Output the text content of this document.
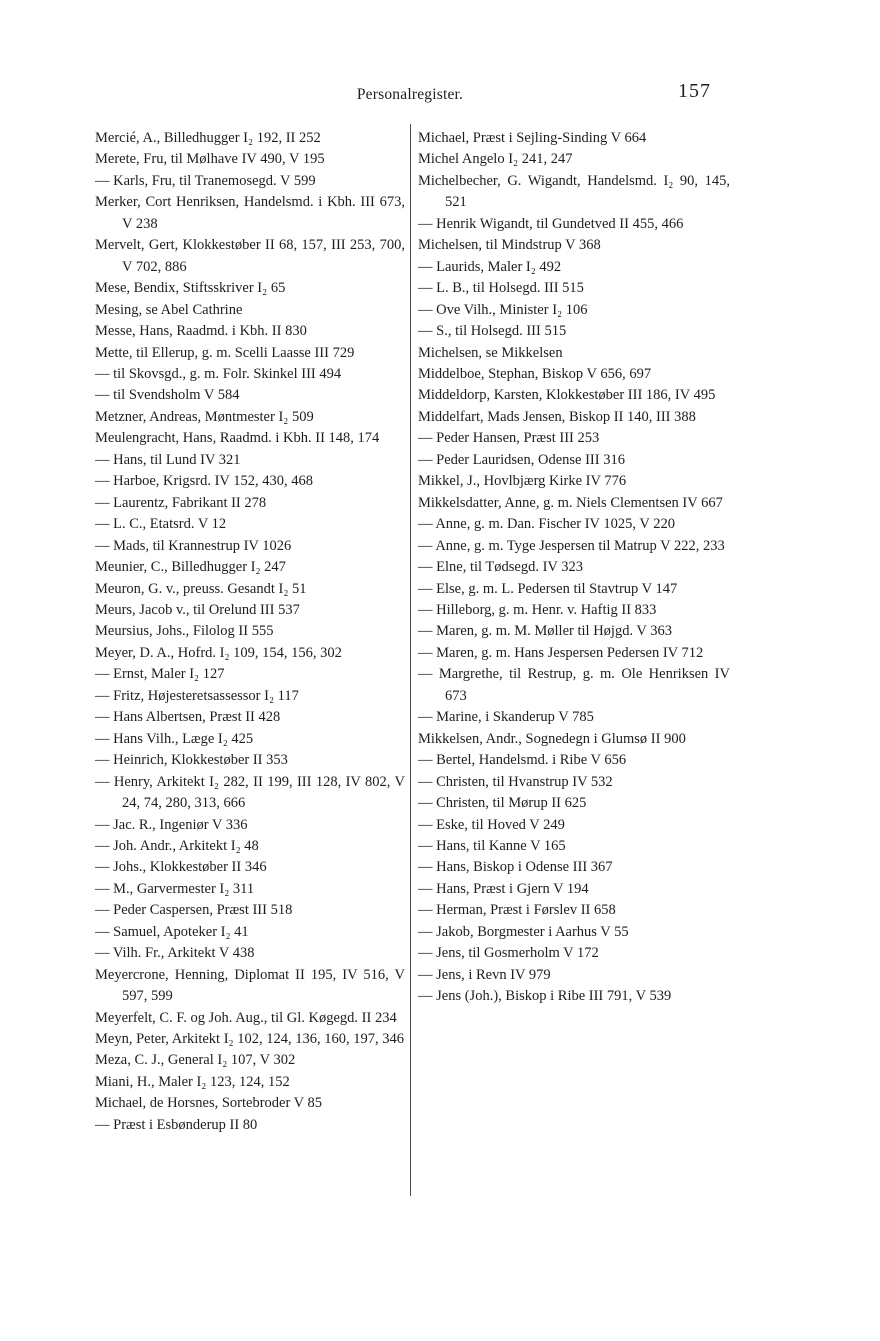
Personalregister.	157

Mercié, A., Billedhugger I₂ 192, II 252

Merete, Fru, til Mølhave IV 490, V 195

— Karls, Fru, til Tranemosegd. V 599

Merker, Cort Henriksen, Handelsmd. i Kbh. III 673, V 238

Mervelt, Gert, Klokkestøber II 68, 157, III 253, 700, V 702, 886

Mese, Bendix, Stiftsskriver I₂ 65

Mesing, se Abel Cathrine

Messe, Hans, Raadmd. i Kbh. II 830

Mette, til Ellerup, g. m. Scelli Laasse III 729

— til Skovsgd., g. m. Folr. Skinkel III 494

— til Svendsholm V 584

Metzner, Andreas, Møntmester I₂ 509

Meulengracht, Hans, Raadmd. i Kbh. II 148, 174

— Hans, til Lund IV 321

— Harboe, Krigsrd. IV 152, 430, 468

— Laurentz, Fabrikant II 278

— L. C., Etatsrd. V 12

— Mads, til Krannestrup IV 1026

Meunier, C., Billedhugger I₂ 247

Meuron, G. v., preuss. Gesandt I₂ 51

Meurs, Jacob v., til Orelund III 537

Meursius, Johs., Filolog II 555

Meyer, D. A., Hofrd. I₂ 109, 154, 156, 302

— Ernst, Maler I₂ 127

— Fritz, Højesteretsassessor I₂ 117

— Hans Albertsen, Præst II 428

— Hans Vilh., Læge I₂ 425

— Heinrich, Klokkestøber II 353

— Henry, Arkitekt I₂ 282, II 199, III 128, IV 802, V 24, 74, 280, 313, 666

— Jac. R., Ingeniør V 336

— Joh. Andr., Arkitekt I₂ 48

— Johs., Klokkestøber II 346

— M., Garvermester I₂ 311

— Peder Caspersen, Præst III 518

— Samuel, Apoteker I₂ 41

— Vilh. Fr., Arkitekt V 438

Meyercrone, Henning, Diplomat II 195, IV 516, V 597, 599

Meyerfelt, C. F. og Joh. Aug., til Gl. Køgegd. II 234

Meyn, Peter, Arkitekt I₂ 102, 124, 136, 160, 197, 346

Meza, C. J., General I₂ 107, V 302

Miani, H., Maler I₂ 123, 124, 152

Michael, de Horsnes, Sortebroder V 85

— Præst i Esbønderup II 80

Michael, Præst i Sejling-Sinding V 664

Michel Angelo I₂ 241, 247

Michelbecher, G. Wigandt, Handelsmd. I₂ 90, 145, 521

— Henrik Wigandt, til Gundetved II 455, 466

Michelsen, til Mindstrup V 368

— Laurids, Maler I₂ 492

— L. B., til Holsegd. III 515

— Ove Vilh., Minister I₂ 106

— S., til Holsegd. III 515

Michelsen, se Mikkelsen

Middelboe, Stephan, Biskop V 656, 697

Middeldorp, Karsten, Klokkestøber III 186, IV 495

Middelfart, Mads Jensen, Biskop II 140, III 388

— Peder Hansen, Præst III 253

— Peder Lauridsen, Odense III 316

Mikkel, J., Hovlbjærg Kirke IV 776

Mikkelsdatter, Anne, g. m. Niels Clementsen IV 667

— Anne, g. m. Dan. Fischer IV 1025, V 220

— Anne, g. m. Tyge Jespersen til Matrup V 222, 233

— Elne, til Tødsegd. IV 323

— Else, g. m. L. Pedersen til Stavtrup V 147

— Hilleborg, g. m. Henr. v. Haftig II 833

— Maren, g. m. M. Møller til Højgd. V 363

— Maren, g. m. Hans Jespersen Pedersen IV 712

— Margrethe, til Restrup, g. m. Ole Henriksen IV 673

— Marine, i Skanderup V 785

Mikkelsen, Andr., Sognedegn i Glumsø II 900

— Bertel, Handelsmd. i Ribe V 656

— Christen, til Hvanstrup IV 532

— Christen, til Mørup II 625

— Eske, til Hoved V 249

— Hans, til Kanne V 165

— Hans, Biskop i Odense III 367

— Hans, Præst i Gjern V 194

— Herman, Præst i Førslev II 658

— Jakob, Borgmester i Aarhus V 55

— Jens, til Gosmerholm V 172

— Jens, i Revn IV 979

— Jens (Joh.), Biskop i Ribe III 791, V 539
